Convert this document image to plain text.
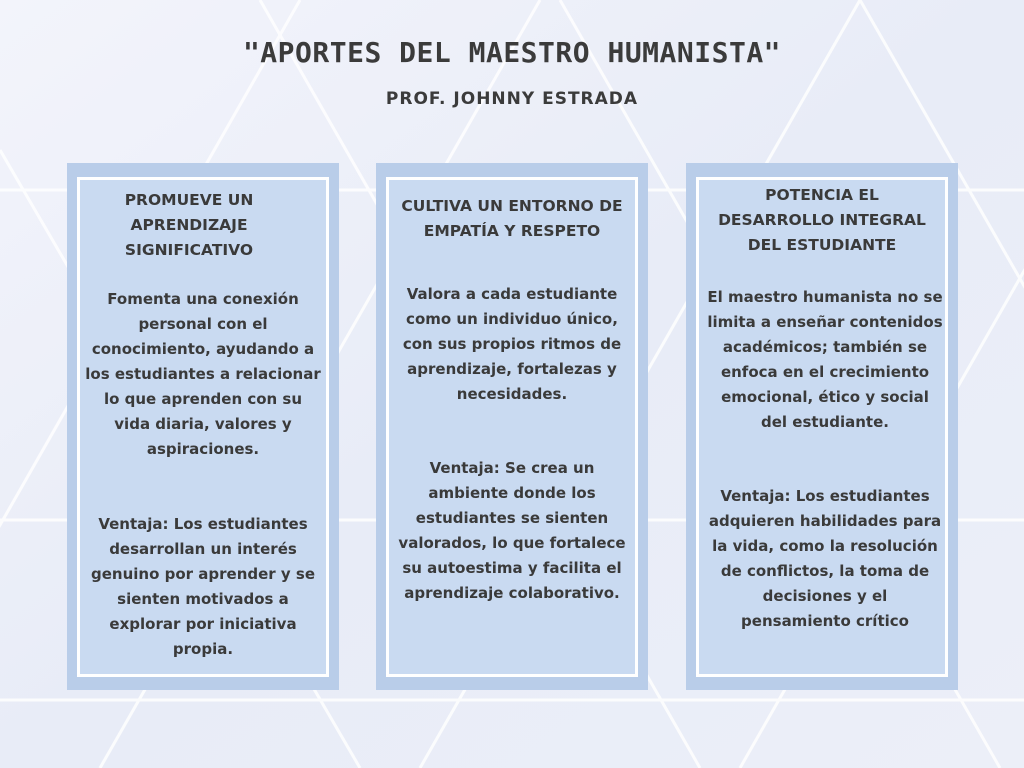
"APORTES DEL MAESTRO HUMANISTA"
PROF. JOHNNY ESTRADA

PROMUEVE UN APRENDIZAJE SIGNIFICATIVO

Fomenta una conexión personal con el conocimiento, ayudando a los estudiantes a relacionar lo que aprenden con su vida diaria, valores y aspiraciones.

Ventaja: Los estudiantes desarrollan un interés genuino por aprender y se sienten motivados a explorar por iniciativa propia.

CULTIVA UN ENTORNO DE EMPATÍA Y RESPETO

Valora a cada estudiante como un individuo único, con sus propios ritmos de aprendizaje, fortalezas y necesidades.

Ventaja: Se crea un ambiente donde los estudiantes se sienten valorados, lo que fortalece su autoestima y facilita el aprendizaje colaborativo.

POTENCIA EL DESARROLLO INTEGRAL DEL ESTUDIANTE

El maestro humanista no se limita a enseñar contenidos académicos; también se enfoca en el crecimiento emocional, ético y social del estudiante.

Ventaja: Los estudiantes adquieren habilidades para la vida, como la resolución de conflictos, la toma de decisiones y el pensamiento crítico
